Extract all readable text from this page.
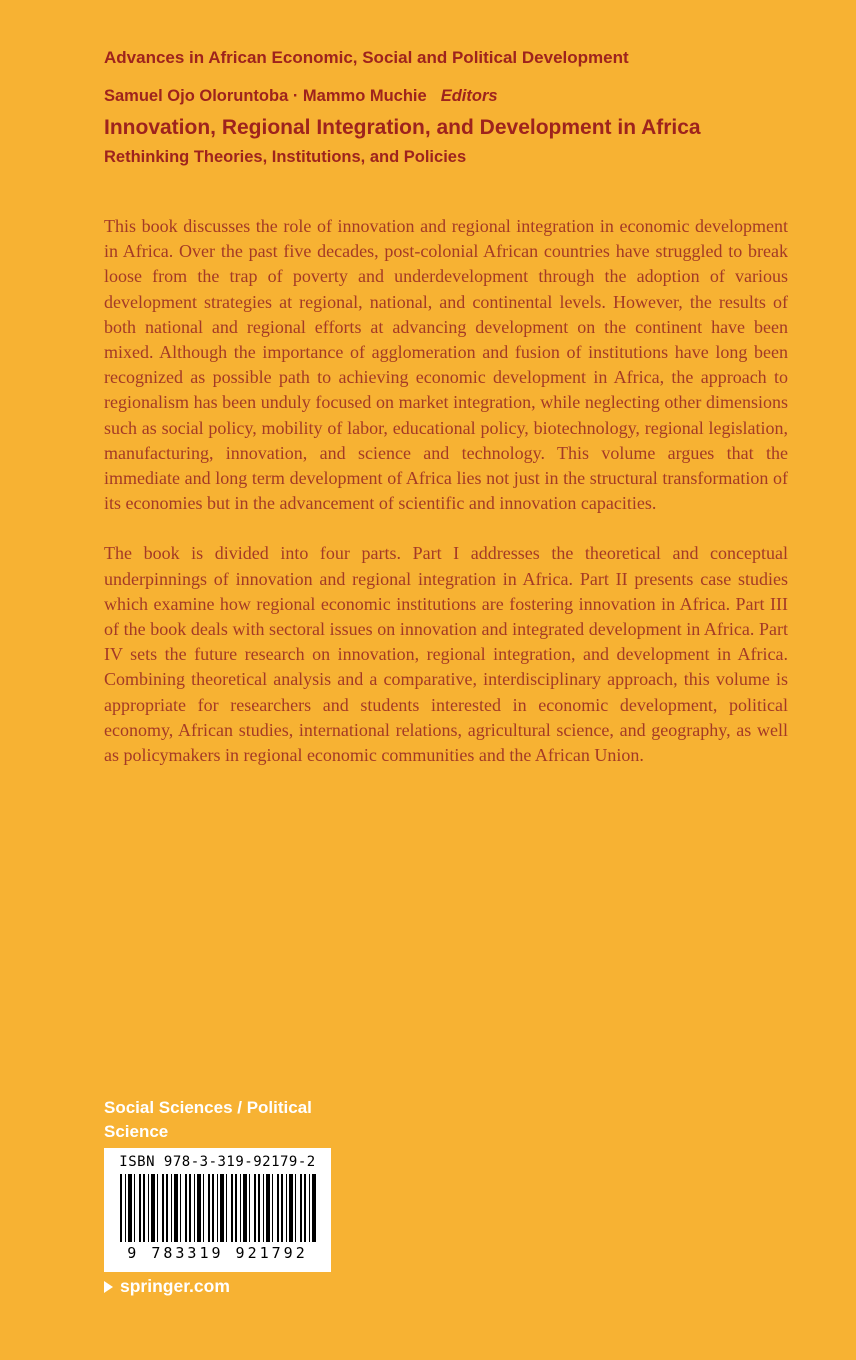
Advances in African Economic, Social and Political Development
Samuel Ojo Oloruntoba · Mammo Muchie Editors
Innovation, Regional Integration, and Development in Africa
Rethinking Theories, Institutions, and Policies

This book discusses the role of innovation and regional integration in economic development in Africa. Over the past five decades, post-colonial African countries have struggled to break loose from the trap of poverty and underdevelopment through the adoption of various development strategies at regional, national, and continental levels. However, the results of both national and regional efforts at advancing development on the continent have been mixed. Although the importance of agglomeration and fusion of institutions have long been recognized as possible path to achieving economic development in Africa, the approach to regionalism has been unduly focused on market integration, while neglecting other dimensions such as social policy, mobility of labor, educational policy, biotechnology, regional legislation, manufacturing, innovation, and science and technology. This volume argues that the immediate and long term development of Africa lies not just in the structural transformation of its economies but in the advancement of scientific and innovation capacities.

The book is divided into four parts. Part I addresses the theoretical and conceptual underpinnings of innovation and regional integration in Africa. Part II presents case studies which examine how regional economic institutions are fostering innovation in Africa. Part III of the book deals with sectoral issues on innovation and integrated development in Africa. Part IV sets the future research on innovation, regional integration, and development in Africa. Combining theoretical analysis and a comparative, interdisciplinary approach, this volume is appropriate for researchers and students interested in economic development, political economy, African studies, international relations, agricultural science, and geography, as well as policymakers in regional economic communities and the African Union.

Social Sciences / Political
Science
ISBN 978-3-319-92179-2
9 783319 921792
springer.com
